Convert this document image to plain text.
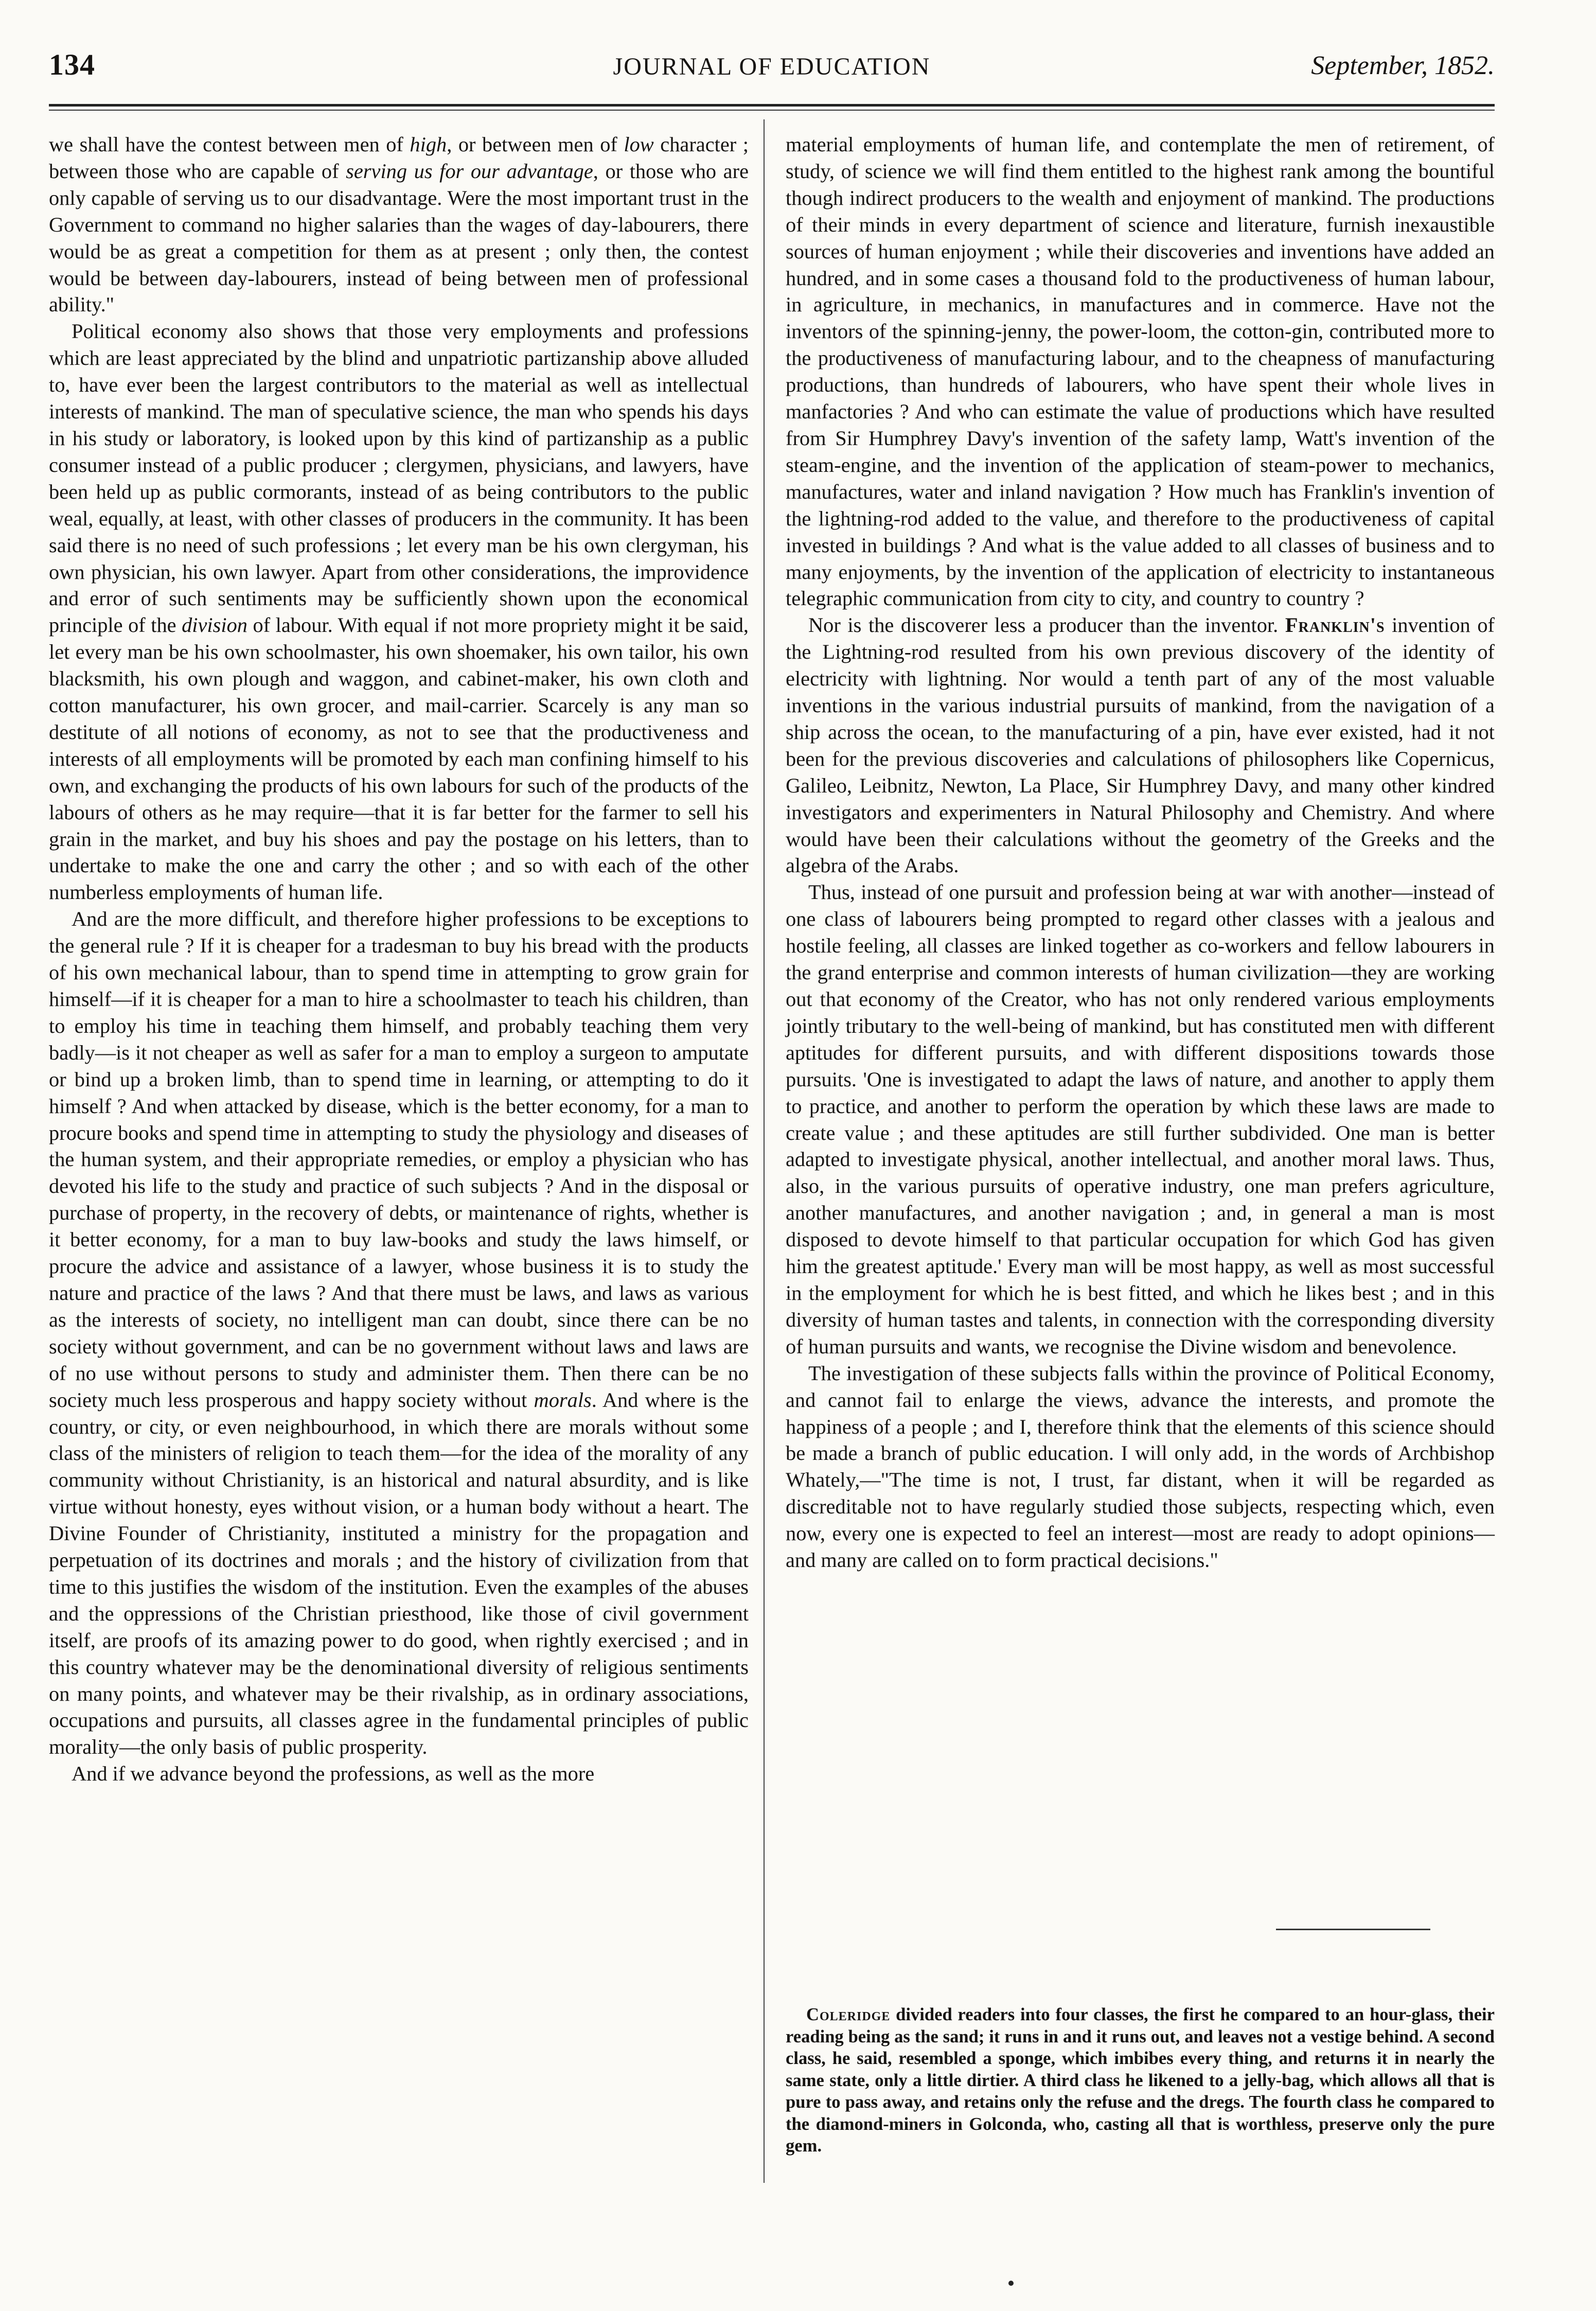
134	JOURNAL OF EDUCATION	September, 1852.

we shall have the contest between men of high, or between men of low character ; between those who are capable of serving us for our advantage, or those who are only capable of serving us to our disadvantage. Were the most important trust in the Government to command no higher salaries than the wages of day-labourers, there would be as great a competition for them as at present ; only then, the contest would be between day-labourers, instead of being between men of professional ability."

Political economy also shows that those very employments and professions which are least appreciated by the blind and unpatriotic partizanship above alluded to, have ever been the largest contributors to the material as well as intellectual interests of mankind. The man of speculative science, the man who spends his days in his study or laboratory, is looked upon by this kind of partizanship as a public consumer instead of a public producer ; clergymen, physicians, and lawyers, have been held up as public cormorants, instead of as being contributors to the public weal, equally, at least, with other classes of producers in the community. It has been said there is no need of such professions ; let every man be his own clergyman, his own physician, his own lawyer. Apart from other considerations, the improvidence and error of such sentiments may be sufficiently shown upon the economical principle of the division of labour. With equal if not more propriety might it be said, let every man be his own schoolmaster, his own shoemaker, his own tailor, his own blacksmith, his own plough and waggon, and cabinet-maker, his own cloth and cotton manufacturer, his own grocer, and mail-carrier. Scarcely is any man so destitute of all notions of economy, as not to see that the productiveness and interests of all employments will be promoted by each man confining himself to his own, and exchanging the products of his own labours for such of the products of the labours of others as he may require—that it is far better for the farmer to sell his grain in the market, and buy his shoes and pay the postage on his letters, than to undertake to make the one and carry the other ; and so with each of the other numberless employments of human life.

And are the more difficult, and therefore higher professions to be exceptions to the general rule ? If it is cheaper for a tradesman to buy his bread with the products of his own mechanical labour, than to spend time in attempting to grow grain for himself—if it is cheaper for a man to hire a schoolmaster to teach his children, than to employ his time in teaching them himself, and probably teaching them very badly—is it not cheaper as well as safer for a man to employ a surgeon to amputate or bind up a broken limb, than to spend time in learning, or attempting to do it himself ? And when attacked by disease, which is the better economy, for a man to procure books and spend time in attempting to study the physiology and diseases of the human system, and their appropriate remedies, or employ a physician who has devoted his life to the study and practice of such subjects ? And in the disposal or purchase of property, in the recovery of debts, or maintenance of rights, whether is it better economy, for a man to buy law-books and study the laws himself, or procure the advice and assistance of a lawyer, whose business it is to study the nature and practice of the laws ? And that there must be laws, and laws as various as the interests of society, no intelligent man can doubt, since there can be no society without government, and can be no government without laws and laws are of no use without persons to study and administer them. Then there can be no society much less prosperous and happy society without morals. And where is the country, or city, or even neighbourhood, in which there are morals without some class of the ministers of religion to teach them—for the idea of the morality of any community without Christianity, is an historical and natural absurdity, and is like virtue without honesty, eyes without vision, or a human body without a heart. The Divine Founder of Christianity, instituted a ministry for the propagation and perpetuation of its doctrines and morals ; and the history of civilization from that time to this justifies the wisdom of the institution. Even the examples of the abuses and the oppressions of the Christian priesthood, like those of civil government itself, are proofs of its amazing power to do good, when rightly exercised ; and in this country whatever may be the denominational diversity of religious sentiments on many points, and whatever may be their rivalship, as in ordinary associations, occupations and pursuits, all classes agree in the fundamental principles of public morality—the only basis of public prosperity.

And if we advance beyond the professions, as well as the more

material employments of human life, and contemplate the men of retirement, of study, of science we will find them entitled to the highest rank among the bountiful though indirect producers to the wealth and enjoyment of mankind. The productions of their minds in every department of science and literature, furnish inexaustible sources of human enjoyment ; while their discoveries and inventions have added an hundred, and in some cases a thousand fold to the productiveness of human labour, in agriculture, in mechanics, in manufactures and in commerce. Have not the inventors of the spinning-jenny, the power-loom, the cotton-gin, contributed more to the productiveness of manufacturing labour, and to the cheapness of manufacturing productions, than hundreds of labourers, who have spent their whole lives in manfactories ? And who can estimate the value of productions which have resulted from Sir Humphrey Davy's invention of the safety lamp, Watt's invention of the steam-engine, and the invention of the application of steam-power to mechanics, manufactures, water and inland navigation ? How much has Franklin's invention of the lightning-rod added to the value, and therefore to the productiveness of capital invested in buildings ? And what is the value added to all classes of business and to many enjoyments, by the invention of the application of electricity to instantaneous telegraphic communication from city to city, and country to country ?

Nor is the discoverer less a producer than the inventor. Franklin's invention of the Lightning-rod resulted from his own previous discovery of the identity of electricity with lightning. Nor would a tenth part of any of the most valuable inventions in the various industrial pursuits of mankind, from the navigation of a ship across the ocean, to the manufacturing of a pin, have ever existed, had it not been for the previous discoveries and calculations of philosophers like Copernicus, Galileo, Leibnitz, Newton, La Place, Sir Humphrey Davy, and many other kindred investigators and experimenters in Natural Philosophy and Chemistry. And where would have been their calculations without the geometry of the Greeks and the algebra of the Arabs.

Thus, instead of one pursuit and profession being at war with another—instead of one class of labourers being prompted to regard other classes with a jealous and hostile feeling, all classes are linked together as co-workers and fellow labourers in the grand enterprise and common interests of human civilization—they are working out that economy of the Creator, who has not only rendered various employments jointly tributary to the well-being of mankind, but has constituted men with different aptitudes for different pursuits, and with different dispositions towards those pursuits. 'One is investigated to adapt the laws of nature, and another to apply them to practice, and another to perform the operation by which these laws are made to create value ; and these aptitudes are still further subdivided. One man is better adapted to investigate physical, another intellectual, and another moral laws. Thus, also, in the various pursuits of operative industry, one man prefers agriculture, another manufactures, and another navigation ; and, in general a man is most disposed to devote himself to that particular occupation for which God has given him the greatest aptitude.' Every man will be most happy, as well as most successful in the employment for which he is best fitted, and which he likes best ; and in this diversity of human tastes and talents, in connection with the corresponding diversity of human pursuits and wants, we recognise the Divine wisdom and benevolence.

The investigation of these subjects falls within the province of Political Economy, and cannot fail to enlarge the views, advance the interests, and promote the happiness of a people ; and I, therefore think that the elements of this science should be made a branch of public education. I will only add, in the words of Archbishop Whately,—"The time is not, I trust, far distant, when it will be regarded as discreditable not to have regularly studied those subjects, respecting which, even now, every one is expected to feel an interest—most are ready to adopt opinions—and many are called on to form practical decisions."

Coleridge divided readers into four classes, the first he compared to an hour-glass, their reading being as the sand; it runs in and it runs out, and leaves not a vestige behind. A second class, he said, resembled a sponge, which imbibes every thing, and returns it in nearly the same state, only a little dirtier. A third class he likened to a jelly-bag, which allows all that is pure to pass away, and retains only the refuse and the dregs. The fourth class he compared to the diamond-miners in Golconda, who, casting all that is worthless, preserve only the pure gem.
